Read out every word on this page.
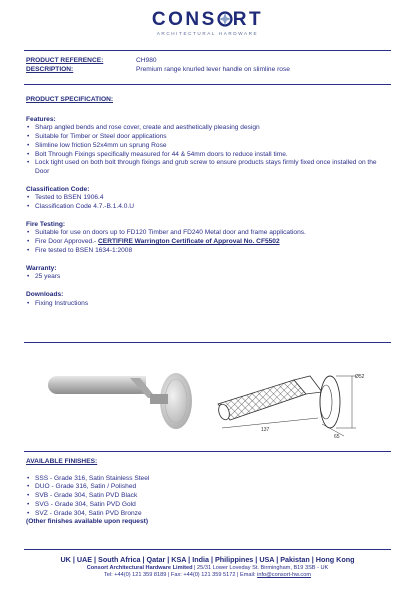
CONS RT
ARCHITECTURAL HARDWARE
PRODUCT REFERENCE:	CH980
DESCRIPTION:	Premium range knurled lever handle on slimline rose
PRODUCT SPECIFICATION:
Features:
• Sharp angled bends and rose cover, create and aesthetically pleasing design
• Suitable for Timber or Steel door applications
• Slimline low friction 52x4mm un sprung Rose
• Bolt Through Fixings specifically measured for 44 & 54mm doors to reduce install time.
• Lock tight used on both bolt through fixings and grub screw to ensure products stays firmly fixed once installed on the Door
Classification Code:
• Tested to BSEN 1906.4
• Classification Code 4.7.-B.1.4.0.U
Fire Testing:
• Suitable for use on doors up to FD120 Timber and FD240 Metal door and frame applications.
• Fire Door Approved.- CERTIFIRE Warrington Certificate of Approval No. CF5502
• Fire tested to BSEN 1634-1:2008
Warranty:
• 25 years
Downloads:
• Fixing Instructions
Ø52
137
65
AVAILABLE FINISHES:
• SSS - Grade 316, Satin Stainless Steel
• DUO - Grade 316, Satin / Polished
• SVB - Grade 304, Satin PVD Black
• SVG - Grade 304, Satin PVD Gold
• SVZ - Grade 304, Satin PVD Bronze
(Other finishes available upon request)
UK | UAE | South Africa | Qatar | KSA | India | Philippines | USA | Pakistan | Hong Kong
Consort Architectural Hardware Limited | 25/31 Lower Loveday St. Birmingham, B19 3SB - UK
Tel: +44(0) 121 359 8189 | Fax: +44(0) 121 359 5172 | Email: info@consort-hw.com
